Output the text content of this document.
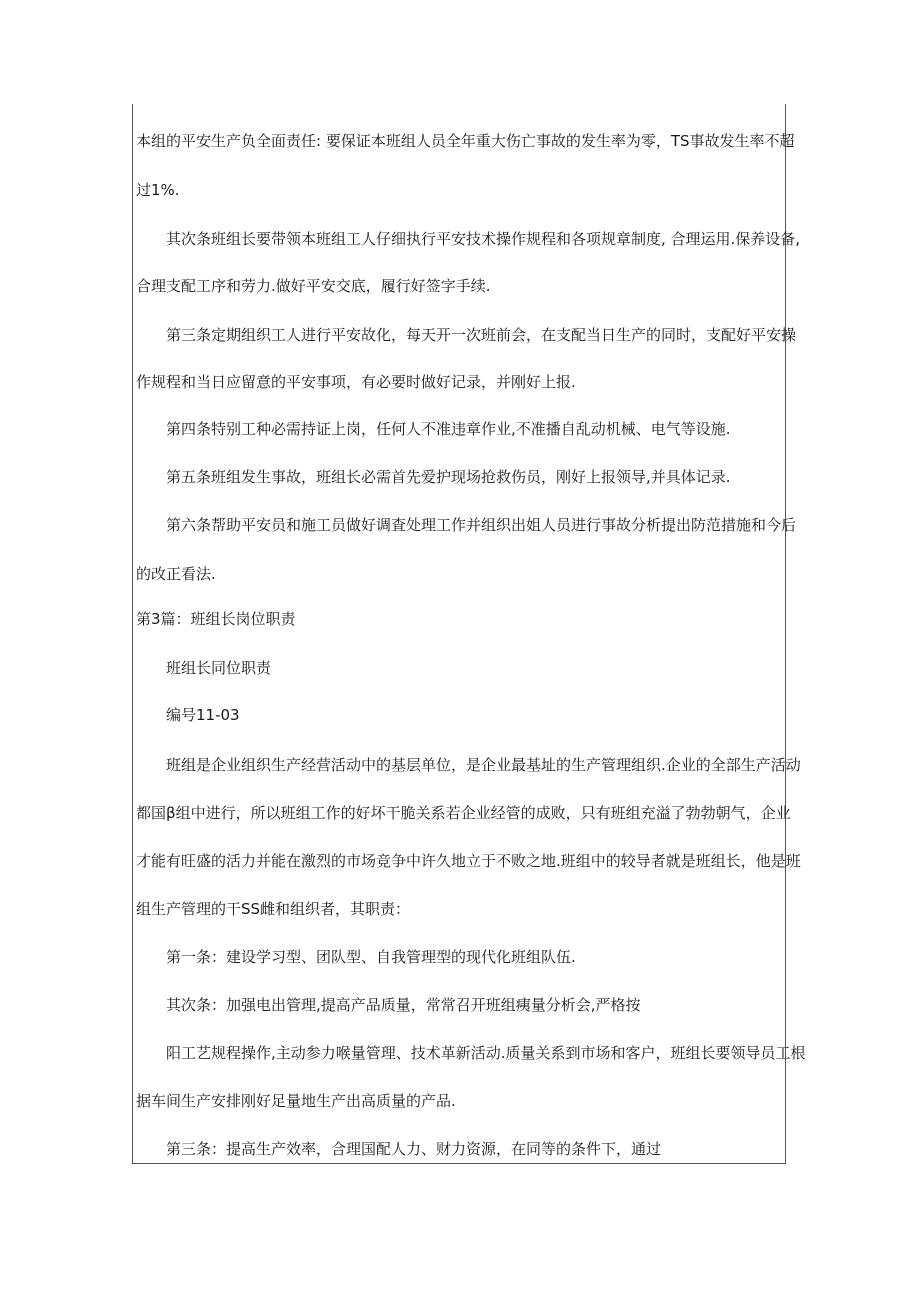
本组的平安生产负全面责任: 要保证本班组人员全年重大伤亡事故的发生率为零，TS事故发生率不超
过1%.
其次条班组长要带领本班组工人仔细执行平安技术操作规程和各项规章制度, 合理运用.保养设备,
合理支配工序和劳力.做好平安交底，履行好签字手续.
第三条定期组织工人进行平安故化，每天开一次班前会，在支配当日生产的同时，支配好平安操
作规程和当日应留意的平安事项，有必要时做好记录，并刚好上报.
第四条特别工种必需持证上岗，任何人不准违章作业,不准播自乱动机械、电气等设施.
第五条班组发生事故，班组长必需首先爱护现场抢救伤员，刚好上报领导,并具体记录.
第六条帮助平安员和施工员做好调査处理工作并组织出姐人员进行事故分析提出防范措施和今后
的改正看法.
第3篇：班组长岗位职责
班组长同位职责
编号11-03
班组是企业组织生产经营活动中的基层单位，是企业最基址的生产管理组织.企业的全部生产活动
都国β组中进行，所以班组工作的好坏干脆关系若企业经管的成败，只有班组充溢了勃勃朝气，企业
才能有旺盛的活力并能在激烈的市场竞争中许久地立于不败之地.班组中的较导者就是班组长，他是班
组生产管理的干SS雌和组织者，其职责：
第一条：建设学习型、团队型、自我管理型的现代化班组队伍.
其次条：加强电出管理,提高产品质量，常常召开班组痍量分析会,严格按
阳工艺规程操作,主动参力喉量管理、技术革新活动.质量关系到市场和客户，班组长要领导员工根
据车间生产安排刚好足量地生产出高质量的产品.
第三条：提高生产效率，合理国配人力、财力资源，在同等的条件下，通过
